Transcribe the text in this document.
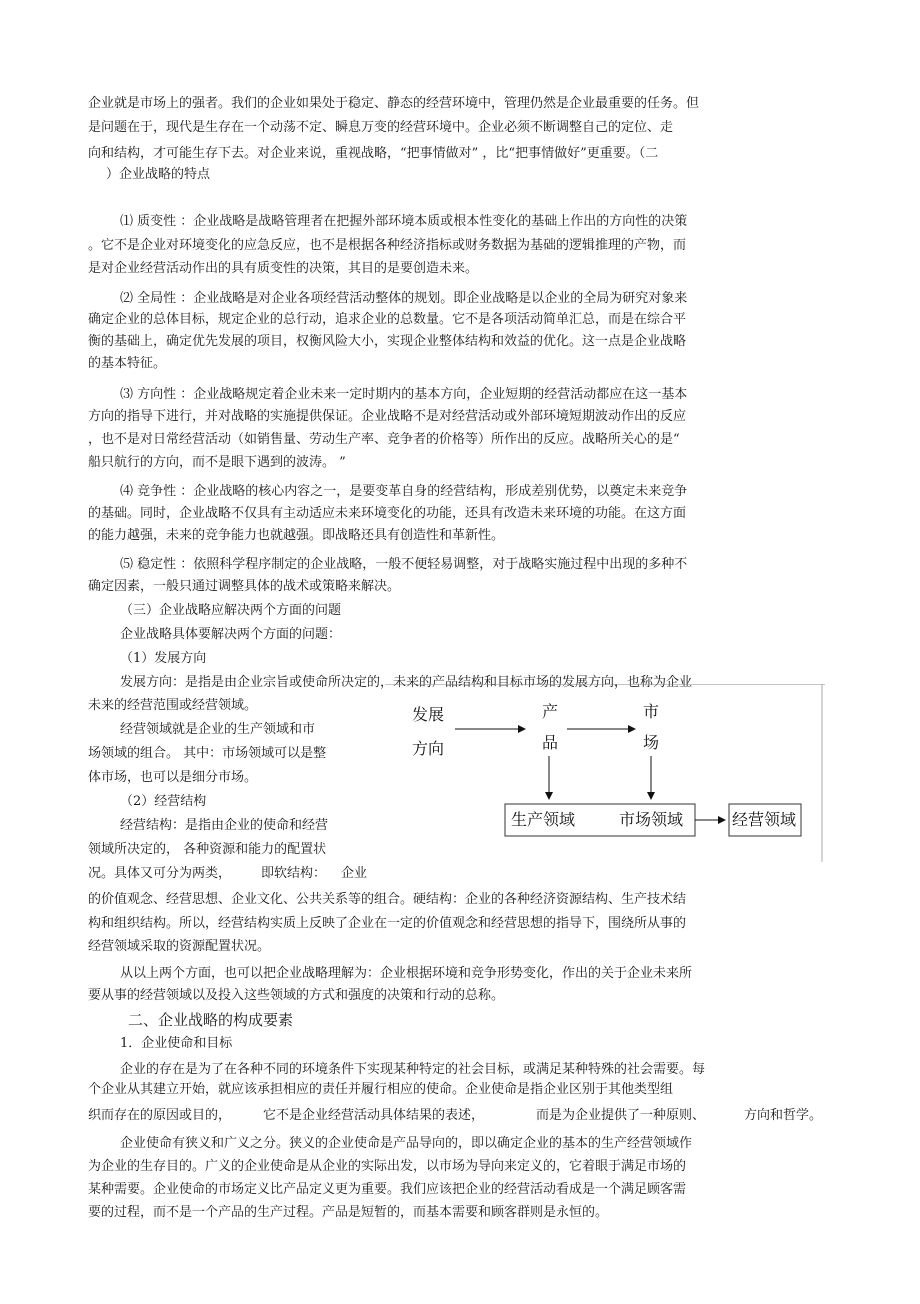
企业就是市场上的强者。我们的企业如果处于稳定、静态的经营环境中，管理仍然是企业最重要的任务。但
是问题在于，现代是生存在一个动荡不定、瞬息万变的经营环境中。企业必须不断调整自己的定位、走
向和结构，才可能生存下去。对企业来说，重视战略，“把事情做对” ，比“把事情做好”更重要。（二
）企业战略的特点
⑴ 质变性 ：企业战略是战略管理者在把握外部环境本质或根本性变化的基础上作出的方向性的决策
。它不是企业对环境变化的应急反应，也不是根据各种经济指标或财务数据为基础的逻辑推理的产物，而
是对企业经营活动作出的具有质变性的决策，其目的是要创造未来。
⑵ 全局性 ：企业战略是对企业各项经营活动整体的规划。即企业战略是以企业的全局为研究对象来
确定企业的总体目标，规定企业的总行动，追求企业的总数量。它不是各项活动简单汇总，而是在综合平
衡的基础上，确定优先发展的项目，权衡风险大小，实现企业整体结构和效益的优化。这一点是企业战略
的基本特征。
⑶ 方向性 ：企业战略规定着企业未来一定时期内的基本方向，企业短期的经营活动都应在这一基本
方向的指导下进行，并对战略的实施提供保证。企业战略不是对经营活动或外部环境短期波动作出的反应
，也不是对日常经营活动（如销售量、劳动生产率、竞争者的价格等）所作出的反应。战略所关心的是“
船只航行的方向，而不是眼下遇到的波涛。 ”
⑷ 竞争性 ：企业战略的核心内容之一，是要变革自身的经营结构，形成差别优势，以奠定未来竞争
的基础。同时，企业战略不仅具有主动适应未来环境变化的功能，还具有改造未来环境的功能。在这方面
的能力越强，未来的竞争能力也就越强。即战略还具有创造性和革新性。
⑸ 稳定性 ：依照科学程序制定的企业战略，一般不便轻易调整，对于战略实施过程中出现的多种不
确定因素，一般只通过调整具体的战术或策略来解决。
（三）企业战略应解决两个方面的问题
企业战略具体要解决两个方面的问题：
（1）发展方向
发展方向：是指是由企业宗旨或使命所决定的，未来的产品结构和目标市场的发展方向，也称为企业
未来的经营范围或经营领域。
经营领域就是企业的生产领域和市
场领域的组合。 其中：市场领域可以是整
体市场，也可以是细分市场。
（2）经营结构
经营结构：是指由企业的使命和经营
领域所决定的， 各种资源和能力的配置状
况。具体又可分为两类， 即软结构： 企业
的价值观念、经营思想、企业文化、公共关系等的组合。硬结构：企业的各种经济资源结构、生产技术结
构和组织结构。所以，经营结构实质上反映了企业在一定的价值观念和经营思想的指导下，围绕所从事的
经营领域采取的资源配置状况。
从以上两个方面，也可以把企业战略理解为：企业根据环境和竞争形势变化，作出的关于企业未来所
要从事的经营领域以及投入这些领域的方式和强度的决策和行动的总称。
发展
方向
产
品
市
场
生产领域	市场领域	经营领域
二、企业战略的构成要素
1．企业使命和目标
企业的存在是为了在各种不同的环境条件下实现某种特定的社会目标，或满足某种特殊的社会需要。每
个企业从其建立开始，就应该承担相应的责任并履行相应的使命。企业使命是指企业区别于其他类型组
织而存在的原因或目的， 它不是企业经营活动具体结果的表述，	而是为企业提供了一种原则、	方向和哲学。
企业使命有狭义和广义之分。狭义的企业使命是产品导向的，即以确定企业的基本的生产经营领域作
为企业的生存目的。广义的企业使命是从企业的实际出发，以市场为导向来定义的，它着眼于满足市场的
某种需要。企业使命的市场定义比产品定义更为重要。我们应该把企业的经营活动看成是一个满足顾客需
要的过程，而不是一个产品的生产过程。产品是短暂的，而基本需要和顾客群则是永恒的。
